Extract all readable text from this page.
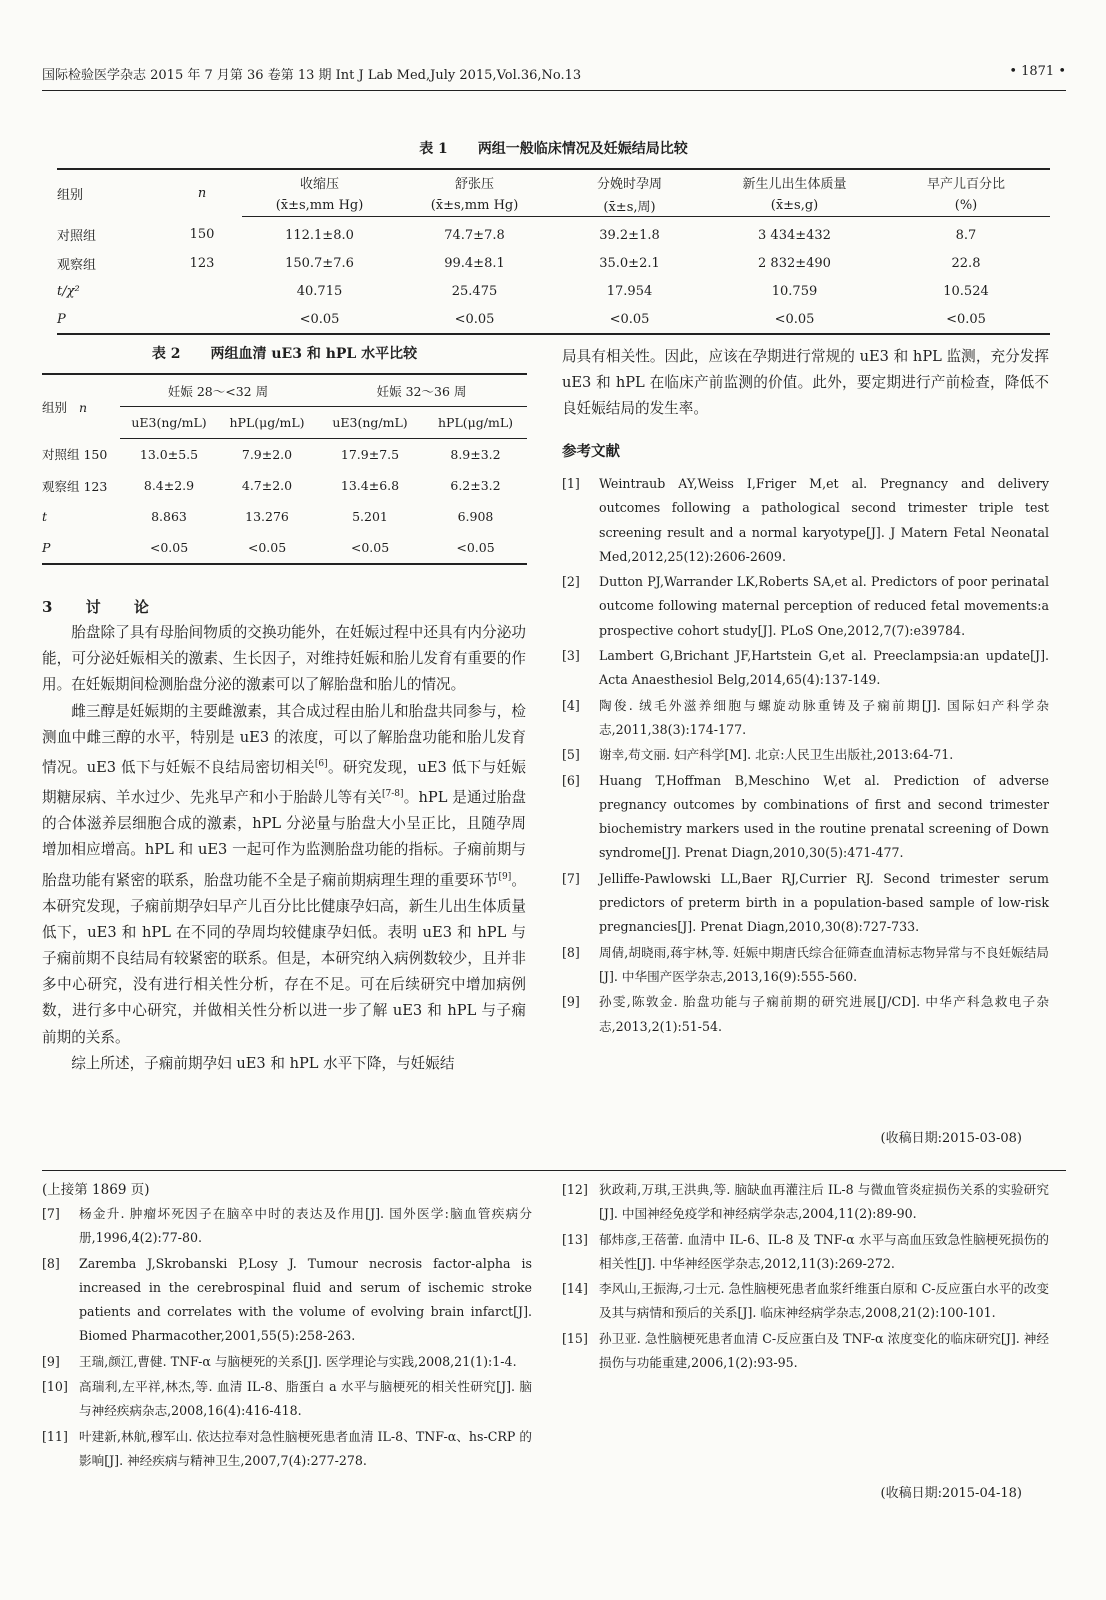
国际检验医学杂志 2015 年 7 月第 36 卷第 13 期 Int J Lab Med,July 2015,Vol.36,No.13	• 1871 •
表 1 两组一般临床情况及妊娠结局比较
组别	n	收缩压	舒张压	分娩时孕周	新生儿出生体质量	早产儿百分比
		(x̄±s,mm Hg)	(x̄±s,mm Hg)	(x̄±s,周)	(x̄±s,g)	(%)
对照组	150	112.1±8.0	74.7±7.8	39.2±1.8	3 434±432	8.7
观察组	123	150.7±7.6	99.4±8.1	35.0±2.1	2 832±490	22.8
t/χ²		40.715	25.475	17.954	10.759	10.524
P		<0.05	<0.05	<0.05	<0.05	<0.05
表 2 两组血清 uE3 和 hPL 水平比较
组别 n	妊娠 28～<32 周		妊娠 32～36 周	
	uE3(ng/mL)	hPL(μg/mL)	uE3(ng/mL)	hPL(μg/mL)
对照组 150	13.0±5.5	7.9±2.0	17.9±7.5	8.9±3.2
观察组 123	8.4±2.9	4.7±2.0	13.4±6.8	6.2±3.2
t	8.863	13.276	5.201	6.908
P	<0.05	<0.05	<0.05	<0.05
3 讨 论

胎盘除了具有母胎间物质的交换功能外，在妊娠过程中还具有内分泌功能，可分泌妊娠相关的激素、生长因子，对维持妊娠和胎儿发育有重要的作用。在妊娠期间检测胎盘分泌的激素可以了解胎盘和胎儿的情况。

雌三醇是妊娠期的主要雌激素，其合成过程由胎儿和胎盘共同参与，检测血中雌三醇的水平，特别是 uE3 的浓度，可以了解胎盘功能和胎儿发育情况。uE3 低下与妊娠不良结局密切相关[6]。研究发现，uE3 低下与妊娠期糖尿病、羊水过少、先兆早产和小于胎龄儿等有关[7-8]。hPL 是通过胎盘的合体滋养层细胞合成的激素，hPL 分泌量与胎盘大小呈正比，且随孕周增加相应增高。hPL 和 uE3 一起可作为监测胎盘功能的指标。子痫前期与胎盘功能有紧密的联系，胎盘功能不全是子痫前期病理生理的重要环节[9]。本研究发现，子痫前期孕妇早产儿百分比比健康孕妇高，新生儿出生体质量低下，uE3 和 hPL 在不同的孕周均较健康孕妇低。表明 uE3 和 hPL 与子痫前期不良结局有较紧密的联系。但是，本研究纳入病例数较少，且并非多中心研究，没有进行相关性分析，存在不足。可在后续研究中增加病例数，进行多中心研究，并做相关性分析以进一步了解 uE3 和 hPL 与子痫前期的关系。

综上所述，子痫前期孕妇 uE3 和 hPL 水平下降，与妊娠结

局具有相关性。因此，应该在孕期进行常规的 uE3 和 hPL 监测，充分发挥 uE3 和 hPL 在临床产前监测的价值。此外，要定期进行产前检查，降低不良妊娠结局的发生率。

参考文献
[1] Weintraub AY,Weiss I,Friger M,et al. Pregnancy and delivery outcomes following a pathological second trimester triple test screening result and a normal karyotype[J]. J Matern Fetal Neonatal Med,2012,25(12):2606-2609.
[2] Dutton PJ,Warrander LK,Roberts SA,et al. Predictors of poor perinatal outcome following maternal perception of reduced fetal movements:a prospective cohort study[J]. PLoS One,2012,7(7):e39784.
[3] Lambert G,Brichant JF,Hartstein G,et al. Preeclampsia:an update[J]. Acta Anaesthesiol Belg,2014,65(4):137-149.
[4] 陶俊. 绒毛外滋养细胞与螺旋动脉重铸及子痫前期[J]. 国际妇产科学杂志,2011,38(3):174-177.
[5] 谢幸,苟文丽. 妇产科学[M]. 北京:人民卫生出版社,2013:64-71.
[6] Huang T,Hoffman B,Meschino W,et al. Prediction of adverse pregnancy outcomes by combinations of first and second trimester biochemistry markers used in the routine prenatal screening of Down syndrome[J]. Prenat Diagn,2010,30(5):471-477.
[7] Jelliffe-Pawlowski LL,Baer RJ,Currier RJ. Second trimester serum predictors of preterm birth in a population-based sample of low-risk pregnancies[J]. Prenat Diagn,2010,30(8):727-733.
[8] 周倩,胡晓雨,蒋宇林,等. 妊娠中期唐氏综合征筛查血清标志物异常与不良妊娠结局[J]. 中华围产医学杂志,2013,16(9):555-560.
[9] 孙雯,陈敦金. 胎盘功能与子痫前期的研究进展[J/CD]. 中华产科急救电子杂志,2013,2(1):51-54.
(收稿日期:2015-03-08)
(上接第 1869 页)
[7] 杨金升. 肿瘤坏死因子在脑卒中时的表达及作用[J]. 国外医学:脑血管疾病分册,1996,4(2):77-80.
[8] Zaremba J,Skrobanski P,Losy J. Tumour necrosis factor-alpha is increased in the cerebrospinal fluid and serum of ischemic stroke patients and correlates with the volume of evolving brain infarct[J]. Biomed Pharmacother,2001,55(5):258-263.
[9] 王瑞,颜江,曹健. TNF-α 与脑梗死的关系[J]. 医学理论与实践,2008,21(1):1-4.
[10] 高瑞利,左平祥,林杰,等. 血清 IL-8、脂蛋白 a 水平与脑梗死的相关性研究[J]. 脑与神经疾病杂志,2008,16(4):416-418.
[11] 叶建新,林航,穆军山. 依达拉奉对急性脑梗死患者血清 IL-8、TNF-α、hs-CRP 的影响[J]. 神经疾病与精神卫生,2007,7(4):277-278.
[12] 狄政莉,万琪,王洪典,等. 脑缺血再灌注后 IL-8 与微血管炎症损伤关系的实验研究[J]. 中国神经免疫学和神经病学杂志,2004,11(2):89-90.
[13] 郁炜彦,王蓓蕾. 血清中 IL-6、IL-8 及 TNF-α 水平与高血压致急性脑梗死损伤的相关性[J]. 中华神经医学杂志,2012,11(3):269-272.
[14] 李风山,王振海,刁士元. 急性脑梗死患者血浆纤维蛋白原和 C-反应蛋白水平的改变及其与病情和预后的关系[J]. 临床神经病学杂志,2008,21(2):100-101.
[15] 孙卫亚. 急性脑梗死患者血清 C-反应蛋白及 TNF-α 浓度变化的临床研究[J]. 神经损伤与功能重建,2006,1(2):93-95.
(收稿日期:2015-04-18)
